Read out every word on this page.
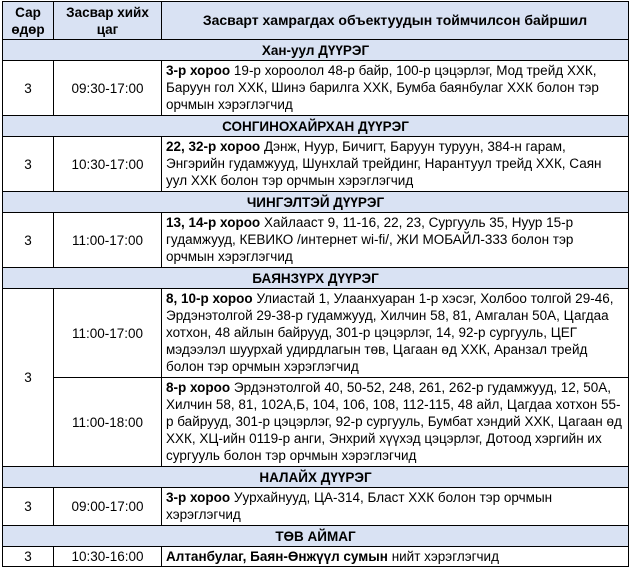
Сар өдөр	Засвар хийх цаг	Засварт хамрагдах объектуудын тоймчилсон байршил
Хан-уул ДҮҮРЭГ		
3	09:30-17:00	3-р хороо 19-р хороолол 48-р байр, 100-р цэцэрлэг, Мод трейд ХХК, Баруун гол ХХК, Шинэ барилга ХХК, Бумба баянбулаг ХХК болон тэр орчмын хэрэглэгчид
СОНГИНОХАЙРХАН ДҮҮРЭГ		
3	10:30-17:00	22, 32-р хороо Дэнж, Нуур, Бичигт, Баруун туруун, 384-н гарам, Энгэрийн гудамжууд, Шунхлай трейдинг, Нарантуул трейд ХХК, Саян уул ХХК болон тэр орчмын хэрэглэгчид
ЧИНГЭЛТЭЙ ДҮҮРЭГ		
3	11:00-17:00	13, 14-р хороо Хайлааст 9, 11-16, 22, 23, Сургууль 35, Нуур 15-р гудамжууд, КЕВИКО /интернет wi-fi/, ЖИ МОБАЙЛ-333 болон тэр орчмын хэрэглэгчид
БАЯНЗҮРХ ДҮҮРЭГ		
3	11:00-17:00	8, 10-р хороо Улиастай 1, Улаанхуаран 1-р хэсэг, Холбоо толгой 29-46, Эрдэнэтолгой 29-38-р гудамжууд, Хилчин 58, 81, Амгалан 50А, Цагдаа хотхон, 48 айлын байрууд, 301-р цэцэрлэг, 14, 92-р сургууль, ЦЕГ мэдээлэл шуурхай удирдлагын төв, Цагаан өд ХХК, Аранзал трейд болон тэр орчмын хэрэглэгчид
	11:00-18:00	8-р хороо Эрдэнэтолгой 40, 50-52, 248, 261, 262-р гудамжууд, 12, 50А, Хилчин 58, 81, 102А,Б, 104, 106, 108, 112-115, 48 айл, Цагдаа хотхон 55-р байрууд, 301-р цэцэрлэг, 92-р сургууль, Бумбат хэндий ХХК, Цагаан өд ХХК, ХЦ-ийн 0119-р анги, Энхрий хүүхэд цэцэрлэг, Дотоод хэргийн их сургууль болон тэр орчмын хэрэглэгчид
НАЛАЙХ ДҮҮРЭГ		
3	09:00-17:00	3-р хороо Уурхайнууд, ЦА-314, Бласт ХХК болон тэр орчмын хэрэглэгчид
ТӨВ АЙМАГ		
3	10:30-16:00	Алтанбулаг, Баян-Өнжүүл сумын нийт хэрэглэгчид
